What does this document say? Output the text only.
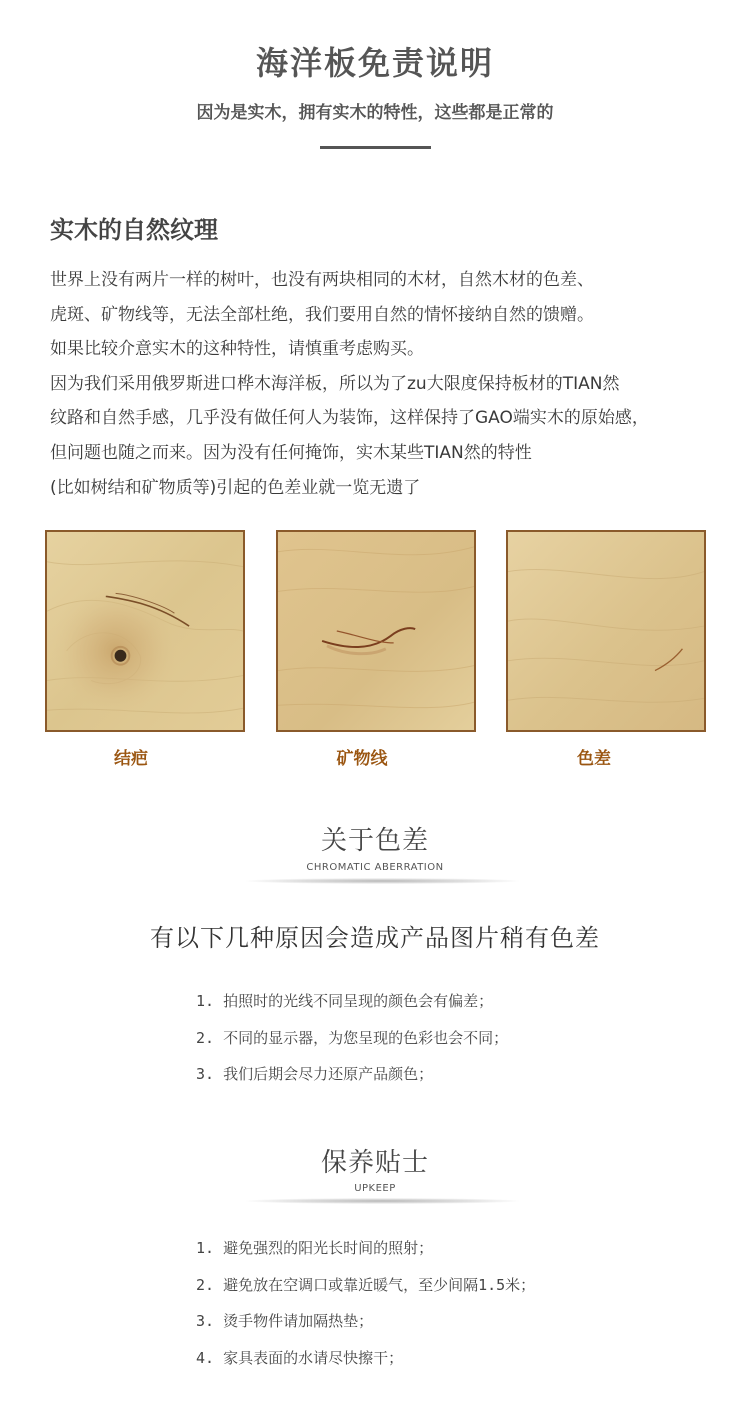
海洋板免责说明
因为是实木，拥有实木的特性，这些都是正常的
实木的自然纹理
世界上没有两片一样的树叶，也没有两块相同的木材，自然木材的色差、
虎斑、矿物线等，无法全部杜绝，我们要用自然的情怀接纳自然的馈赠。
如果比较介意实木的这种特性，请慎重考虑购买。
因为我们采用俄罗斯进口桦木海洋板，所以为了zu大限度保持板材的TIAN然
纹路和自然手感，几乎没有做任何人为装饰，这样保持了GAO端实木的原始感，
但问题也随之而来。因为没有任何掩饰，实木某些TIAN然的特性
(比如树结和矿物质等)引起的色差业就一览无遗了
结疤	矿物线	色差
关于色差
CHROMATIC ABERRATION
有以下几种原因会造成产品图片稍有色差
1. 拍照时的光线不同呈现的颜色会有偏差；
2. 不同的显示器，为您呈现的色彩也会不同；
3. 我们后期会尽力还原产品颜色；
保养贴士
UPKEEP
1. 避免强烈的阳光长时间的照射；
2. 避免放在空调口或靠近暖气，至少间隔1.5米；
3. 烫手物件请加隔热垫；
4. 家具表面的水请尽快擦干；
